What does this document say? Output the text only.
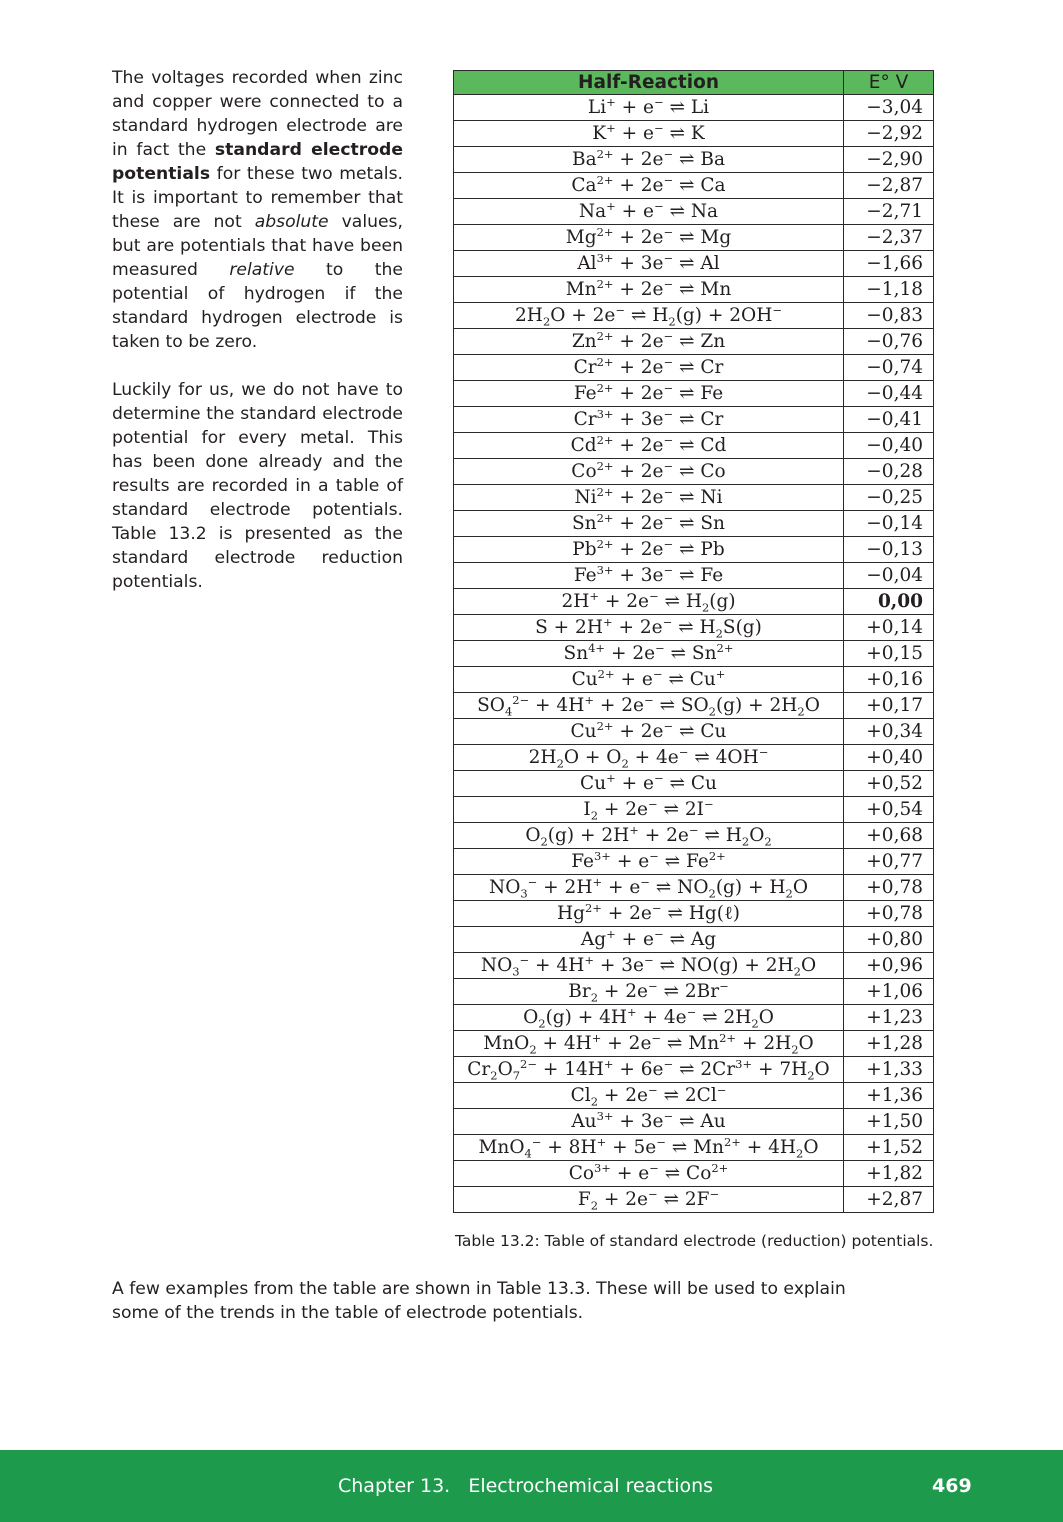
The voltages recorded when zinc and copper were connected to a standard hydrogen electrode are in fact the standard electrode potentials for these two metals. It is important to remember that these are not absolute values, but are potentials that have been measured relative to the potential of hydrogen if the standard hydrogen electrode is taken to be zero.

Luckily for us, we do not have to determine the standard electrode potential for every metal. This has been done already and the results are recorded in a table of standard electrode potentials. Table 13.2 is presented as the standard electrode reduction potentials.

Half-Reaction	E° V
Li+ + e− ⇌ Li	−3,04
K+ + e− ⇌ K	−2,92
$Ba^{2+} + 2e^-$ ⇌ Ba	−2,90
$Ca^{2+} + 2e^-$ ⇌ Ca	−2,87
Na+ + e− ⇌ Na	−2,71
$Mg^{2+} + 2e^-$ ⇌ Mg	−2,37
$Al^{3+} + 3e^-$ ⇌ Al	−1,66
$Mn^{2+} + 2e^-$ ⇌ Mn	−1,18
$2H_2O + 2e^-$ ⇌ $H_2(g) + 2OH^-$	−0,83
$Zn^{2+} + 2e^-$ ⇌ Zn	−0,76
$Cr^{2+} + 2e^-$ ⇌ Cr	−0,74
$Fe^{2+} + 2e^-$ ⇌ Fe	−0,44
$Cr^{3+} + 3e^-$ ⇌ Cr	−0,41
$Cd^{2+} + 2e^-$ ⇌ Cd	−0,40
$Co^{2+} + 2e^-$ ⇌ Co	−0,28
$Ni^{2+} + 2e^-$ ⇌ Ni	−0,25
$Sn^{2+} + 2e^-$ ⇌ Sn	−0,14
$Pb^{2+} + 2e^-$ ⇌ Pb	−0,13
$Fe^{3+} + 3e^-$ ⇌ Fe	−0,04
2H+ + 2e− ⇌ $H_2(g)$	0,00
S + 2H+ + 2e− ⇌ $H_2S(g)$	+0,14
$Sn^{4+} + 2e^-$ ⇌ $Sn^{2+}$	+0,15
$Cu^{2+} + e^-$ ⇌ Cu+	+0,16
$SO_4^{2-} + 4H^+ + 2e^-$ ⇌ $SO_2(g) + 2H_2O$	+0,17
$Cu^{2+} + 2e^-$ ⇌ Cu	+0,34
$2H_2O + O_2 + 4e^-$ ⇌ 4OH−	+0,40
Cu+ + e− ⇌ Cu	+0,52
$I_2 + 2e^-$ ⇌ 2I−	+0,54
$O_2(g) + 2H^+ + 2e^-$ ⇌ $H_2O_2$	+0,68
$Fe^{3+} + e^-$ ⇌ $Fe^{2+}$	+0,77
$NO_3^- + 2H^+ + e^-$ ⇌ $NO_2(g) + H_2O$	+0,78
$Hg^{2+} + 2e^-$ ⇌ Hg(ℓ)	+0,78
Ag+ + e− ⇌ Ag	+0,80
$NO_3^- + 4H^+ + 3e^-$ ⇌ $NO(g) + 2H_2O$	+0,96
$Br_2 + 2e^-$ ⇌ 2Br−	+1,06
$O_2(g) + 4H^+ + 4e^-$ ⇌ $2H_2O$	+1,23
MnO$_2$ + 4H+ + 2e− ⇌ $Mn^{2+} + 2H_2O$	+1,28
$Cr_2O_7^{2-} + 14H^+ + 6e^-$ ⇌ $2Cr^{3+} + 7H_2O$	+1,33
$Cl_2 + 2e^-$ ⇌ 2Cl−	+1,36
$Au^{3+} + 3e^-$ ⇌ Au	+1,50
MnO$_4$− + 8H+ + 5e− ⇌ $Mn^{2+} + 4H_2O$	+1,52
$Co^{3+} + e^-$ ⇌ $Co^{2+}$	+1,82
$F_2 + 2e^-$ ⇌ 2F−	+2,87
Table 13.2: Table of standard electrode (reduction) potentials.
A few examples from the table are shown in Table 13.3. These will be used to explain some of the trends in the table of electrode potentials.
Chapter 13.   Electrochemical reactions	469
